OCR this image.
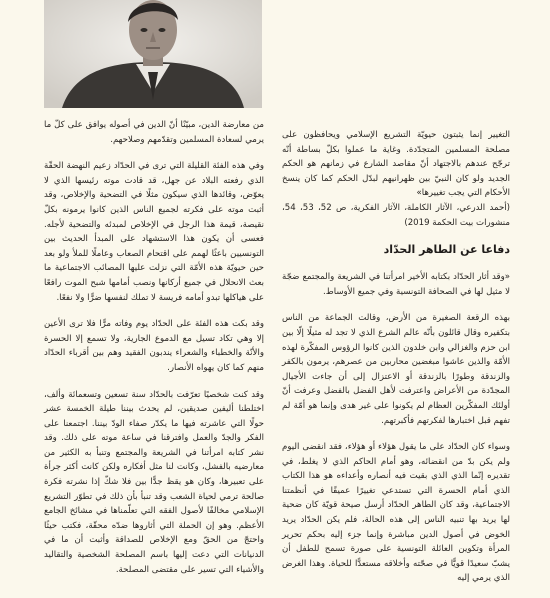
من معارضة الدين، مبيّنًا أنّ الدين في أصوله يوافق على كلّ ما يرمي لسعادة المسلمين وتقدّمهم وصلاحهم.

وفي هذه الفئة القليلة التي ترى في الحدّاد زعيم النهضة الحقّة الذي رفعته البلاد عن جهل، قد قادت موته رئيسها الذي لا يعوّض، وقائدها الذي سيكون مثلًا في التضحية والإخلاص، وقد أثبت موته على فكرته لجميع الناس الذين كانوا يرمونه بكلّ نقيصة، قيمة هذا الرجل في الإخلاص لمبدئه والتضحية لأجله. فعسى أن يكون هذا الاستشهاد على المبدأ الحديث بين التونسيين باعثًا لهمم على اقتحام الصعاب وعاملًا للملأ ولو بعد حين حيويّة هذه الأمّة التي نزلت عليها المصائب الاجتماعية ما بعث الانحلال في جميع أركانها ونصب أمامها شبح الموت رافعًا على هياكلها تبدو أمامه فريسة لا تملك لنفسها ضرًّا ولا نفعًا.

وقد بكت هذه الفئة على الحدّاد يوم وفاته مرًّا فلا ترى الأعين إلا وهي تكاد تسيل مع الدموع الجارية، ولا تسمع إلا الحسرة والأنّة والخطباء والشعراء يندبون الفقيد وهم بين أقرباء الحدّاد منهم كما كان يهواه الأنصار.

وقد كنت شخصيًا تعرّفت بالحدّاد سنة تسعين وتسعمائة وألف، اختلطنا أليفين صديقين، لم يحدث بيننا طيلة الخمسة عشر حولًا التي عاشرته فيها ما يكدّر صفاء الودّ بيننا. اجتمعنا على الفكر والجدّ والعمل وافترقنا في ساعة موته على ذلك. وقد نشر كتابه امرأتنا في الشريعة والمجتمع وتنبأ به الكثير من معارضيه بالفشل، وكانت لنا مثل أفكاره ولكن كانت أكثر جرأة على تعبيرها، وكان هو يقظ جدًّا بين فلا شكّ إذا نشرته فكرة صالحة ترمي لحياة الشعب وقد تنبأ بأن ذلك في تطوّر التشريع الإسلامي مخالفًا لأصول الفقه التي تعلّمناها في مشائخ الجامع الأعظم. وهو إن الحملة التي أثاروها ضدّه محقّة، فكتب حيثًا واحتجّ من الحقّ ومع الإخلاص للصداقة وأثبت أن ما في الدنيانات التي دعت إليها باسم المصلحة الشخصية والتقاليد والأشياء التي تسير على مقتضى المصلحة.

التغيير إنما يثبتون حيويّة التشريع الإسلامي ويحافظون على مصلحة المسلمين المتجدّدة. وغاية ما عملوا بكلّ بساطة أنّه ترجّح عندهم بالاجتهاد أنّ مقاصد الشارع في زمانهم هو الحكم الجديد ولو كان النبيّ بين ظهرانيهم لبدّل الحكم كما كان ينسخ الأحكام التي يجب تغييرها»

(أحمد الدرعي، الآثار الكاملة، الآثار الفكرية، ص 52، 53، 54، منشورات بيت الحكمة 2019)

دفاعا عن الطاهر الحدّاد

«وقد أثار الحدّاد بكتابه الأخير امرأتنا في الشريعة والمجتمع ضجّة لا مثيل لها في الصحافة التونسية وفي جميع الأوساط.

بهذه الرقعة الصغيرة من الأرض، وقالت الجماعة من الناس بتكفيره وقال قائلون بأنّه عالم الشرع الذي لا تجد له مثيلًا إلّا بين ابن حزم والغزالي وابن خلدون الذين كانوا الرؤوس المفكّرة لهذه الأمّة والذين عاشوا مبغضين محاربين من عصرهم، يرمون بالكفر والزندقة وطورًا بالزندقة أو الاعتزال إلى أن جاءت الأجيال المجدّدة من الأعراض واعترفت لأهل الفضل بالفضل وعرفت أنّ أولئك المفكّرين العظام لم يكونوا على غير هدى وإنما هو أمّة لم تفهم قبل اختبارها لفكرتهم فأكبرتهم.

وسواء كان الحدّاد على ما يقول هؤلاء أو هؤلاء، فقد انقضى اليوم ولم يكن بدّ من انقضائه، وهو أمام الحاكم الذي لا يغلط، في تقديره إنّما الذي الذي بقيت فيه أنصاره وأعداءه هو هذا الكتاب الذي أمام الحسرة التي تستدعي تغييرًا عميقًا في أنظمتنا الاجتماعية، وقد كان الطاهر الحدّاد أرسل صيحة قويّة كان ضحية لها يريد بها تنبيه الناس إلى هذه الحالة، فلم يكن الحدّاد يريد الخوض في أصول الدين مباشرة وإنما جزء إليه بحكم تحرير المرأة وتكوين العائلة التونسية على صورة تسمح للطفل أن يشبّ سعيدًا قويًّا في صحّته وأخلاقه مستعدًّا للحياة. وهذا الغرض الذي يرمي إليه
